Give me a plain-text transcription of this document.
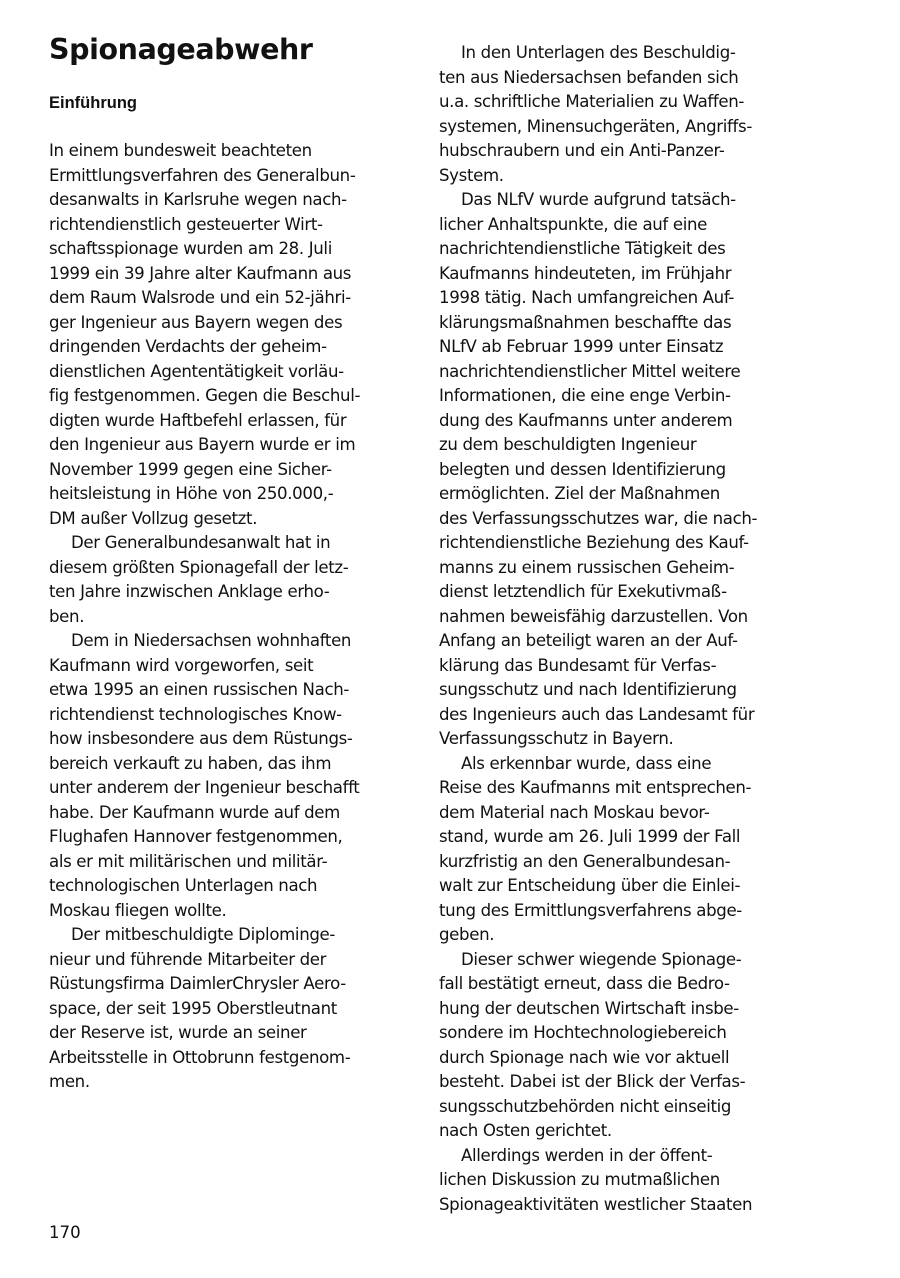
Spionageabwehr
Einführung
In einem bundesweit beachteten
Ermittlungsverfahren des Generalbun-
desanwalts in Karlsruhe wegen nach-
richtendienstlich gesteuerter Wirt-
schaftsspionage wurden am 28. Juli
1999 ein 39 Jahre alter Kaufmann aus
dem Raum Walsrode und ein 52-jähri-
ger Ingenieur aus Bayern wegen des
dringenden Verdachts der geheim-
dienstlichen Agententätigkeit vorläu-
fig festgenommen. Gegen die Beschul-
digten wurde Haftbefehl erlassen, für
den Ingenieur aus Bayern wurde er im
November 1999 gegen eine Sicher-
heitsleistung in Höhe von 250.000,-
DM außer Vollzug gesetzt.
Der Generalbundesanwalt hat in
diesem größten Spionagefall der letz-
ten Jahre inzwischen Anklage erho-
ben.
Dem in Niedersachsen wohnhaften
Kaufmann wird vorgeworfen, seit
etwa 1995 an einen russischen Nach-
richtendienst technologisches Know-
how insbesondere aus dem Rüstungs-
bereich verkauft zu haben, das ihm
unter anderem der Ingenieur beschafft
habe. Der Kaufmann wurde auf dem
Flughafen Hannover festgenommen,
als er mit militärischen und militär-
technologischen Unterlagen nach
Moskau fliegen wollte.
Der mitbeschuldigte Diplominge-
nieur und führende Mitarbeiter der
Rüstungsfirma DaimlerChrysler Aero-
space, der seit 1995 Oberstleutnant
der Reserve ist, wurde an seiner
Arbeitsstelle in Ottobrunn festgenom-
men.
In den Unterlagen des Beschuldig-
ten aus Niedersachsen befanden sich
u.a. schriftliche Materialien zu Waffen-
systemen, Minensuchgeräten, Angriffs-
hubschraubern und ein Anti-Panzer-
System.
Das NLfV wurde aufgrund tatsäch-
licher Anhaltspunkte, die auf eine
nachrichtendienstliche Tätigkeit des
Kaufmanns hindeuteten, im Frühjahr
1998 tätig. Nach umfangreichen Auf-
klärungsmaßnahmen beschaffte das
NLfV ab Februar 1999 unter Einsatz
nachrichtendienstlicher Mittel weitere
Informationen, die eine enge Verbin-
dung des Kaufmanns unter anderem
zu dem beschuldigten Ingenieur
belegten und dessen Identifizierung
ermöglichten. Ziel der Maßnahmen
des Verfassungsschutzes war, die nach-
richtendienstliche Beziehung des Kauf-
manns zu einem russischen Geheim-
dienst letztendlich für Exekutivmaß-
nahmen beweisfähig darzustellen. Von
Anfang an beteiligt waren an der Auf-
klärung das Bundesamt für Verfas-
sungsschutz und nach Identifizierung
des Ingenieurs auch das Landesamt für
Verfassungsschutz in Bayern.
Als erkennbar wurde, dass eine
Reise des Kaufmanns mit entsprechen-
dem Material nach Moskau bevor-
stand, wurde am 26. Juli 1999 der Fall
kurzfristig an den Generalbundesan-
walt zur Entscheidung über die Einlei-
tung des Ermittlungsverfahrens abge-
geben.
Dieser schwer wiegende Spionage-
fall bestätigt erneut, dass die Bedro-
hung der deutschen Wirtschaft insbe-
sondere im Hochtechnologiebereich
durch Spionage nach wie vor aktuell
besteht. Dabei ist der Blick der Verfas-
sungsschutzbehörden nicht einseitig
nach Osten gerichtet.
Allerdings werden in der öffent-
lichen Diskussion zu mutmaßlichen
Spionageaktivitäten westlicher Staaten
170
